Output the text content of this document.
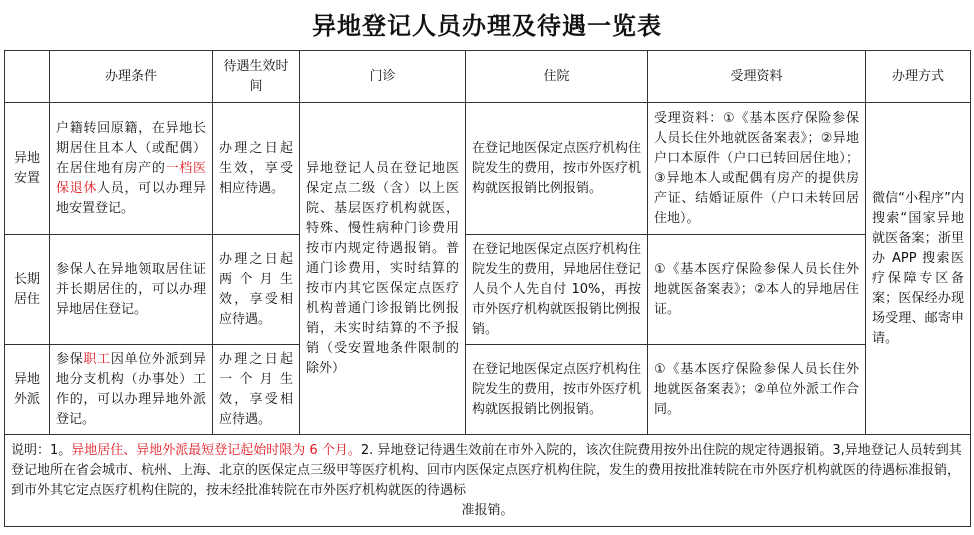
异地登记人员办理及待遇一览表
	办理条件	待遇生效时间	门诊	住院	受理资料	办理方式
异地安置	户籍转回原籍，在异地长期居住且本人（或配偶）在居住地有房产的一档医保退休人员，可以办理异地安置登记。	办理之日起生效，享受相应待遇。	异地登记人员在登记地医保定点二级（含）以上医院、基层医疗机构就医，特殊、慢性病种门诊费用按市内规定待遇报销。普通门诊费用，实时结算的按市内其它医保定点医疗机构普通门诊报销比例报销，未实时结算的不予报销（受安置地条件限制的除外）	在登记地医保定点医疗机构住院发生的费用，按市外医疗机构就医报销比例报销。	受理资料：①《基本医疗保险参保人员长住外地就医备案表》；②异地户口本原件（户口已转回居住地）；③异地本人或配偶有房产的提供房产证、结婚证原件（户口未转回居住地）。	微信“小程序”内搜索“国家异地就医备案；浙里办 APP 搜索医疗保障专区备案；医保经办现场受理、邮寄申请。
长期居住	参保人在异地领取居住证并长期居住的，可以办理异地居住登记。	办理之日起两个月生效，享受相应待遇。		在登记地医保定点医疗机构住院发生的费用，异地居住登记人员个人先自付 10%，再按市外医疗机构就医报销比例报销。	①《基本医疗保险参保人员长住外地就医备案表》；②本人的异地居住证。	
异地外派	参保职工因单位外派到异地分支机构（办事处）工作的，可以办理异地外派登记。	办理之日起一个月生效，享受相应待遇。		在登记地医保定点医疗机构住院发生的费用，按市外医疗机构就医报销比例报销。	①《基本医疗保险参保人员长住外地就医备案表》；②单位外派工作合同。	
说明：1。异地居住、异地外派最短登记起始时限为 6 个月。2. 异地登记待遇生效前在市外入院的，该次住院费用按外出住院的规定待遇报销。3,异地登记人员转到其登记地所在省会城市、杭州、上海、北京的医保定点三级甲等医疗机构、回市内医保定点医疗机构住院，发生的费用按批准转院在市外医疗机构就医的待遇标准报销，到市外其它定点医疗机构住院的，按未经批准转院在市外医疗机构就医的待遇标
准报销。						
